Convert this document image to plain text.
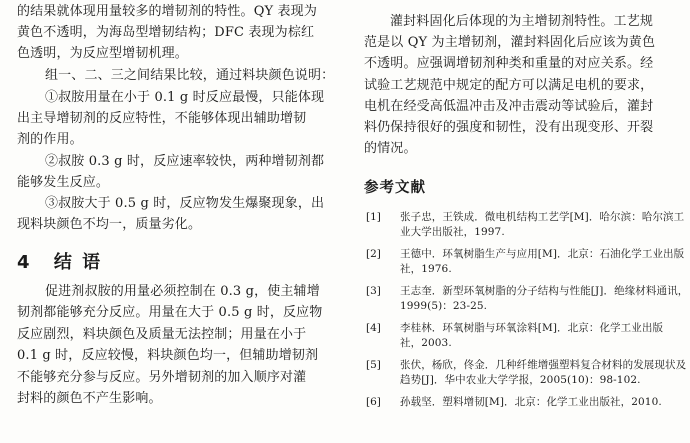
的结果就体现用量较多的增韧剂的特性。QY 表现为
黄色不透明，为海岛型增韧结构；DFC 表现为棕红
色透明，为反应型增韧机理。
组一、二、三之间结果比较，通过料块颜色说明：
①叔胺用量在小于 0.1 g 时反应最慢，只能体现
出主导增韧剂的反应特性，不能够体现出辅助增韧
剂的作用。
②叔胺 0.3 g 时，反应速率较快，两种增韧剂都
能够发生反应。
③叔胺大于 0.5 g 时，反应物发生爆聚现象，出
现料块颜色不均一，质量劣化。
4 结 语
促进剂叔胺的用量必须控制在 0.3 g，使主辅增
韧剂都能够充分反应。用量在大于 0.5 g 时，反应物
反应剧烈，料块颜色及质量无法控制；用量在小于
0.1 g 时，反应较慢，料块颜色均一，但辅助增韧剂
不能够充分参与反应。另外增韧剂的加入顺序对灌
封料的颜色不产生影响。
灌封料固化后体现的为主增韧剂特性。工艺规
范是以 QY 为主增韧剂，灌封料固化后应该为黄色
不透明。应强调增韧剂种类和重量的对应关系。经
试验工艺规范中规定的配方可以满足电机的要求，
电机在经受高低温冲击及冲击震动等试验后，灌封
料仍保持很好的强度和韧性，没有出现变形、开裂
的情况。
参考文献
[1]	张子忠，王铁成．微电机结构工艺学[M]．哈尔滨：哈尔滨工
业大学出版社，1997.
[2]	王德中．环氧树脂生产与应用[M]．北京：石油化学工业出版
社，1976.
[3]	王志奎．新型环氧树脂的分子结构与性能[J]．绝缘材料通讯，
1999(5)：23-25.
[4]	李桂林．环氧树脂与环氧涂料[M]．北京：化学工业出版
社，2003.
[5]	张伏，杨欣，佟金．几种纤维增强塑料复合材料的发展现状及
趋势[J]．华中农业大学学报，2005(10)：98-102.
[6]	孙载坚．塑料增韧[M]．北京：化学工业出版社，2010.
